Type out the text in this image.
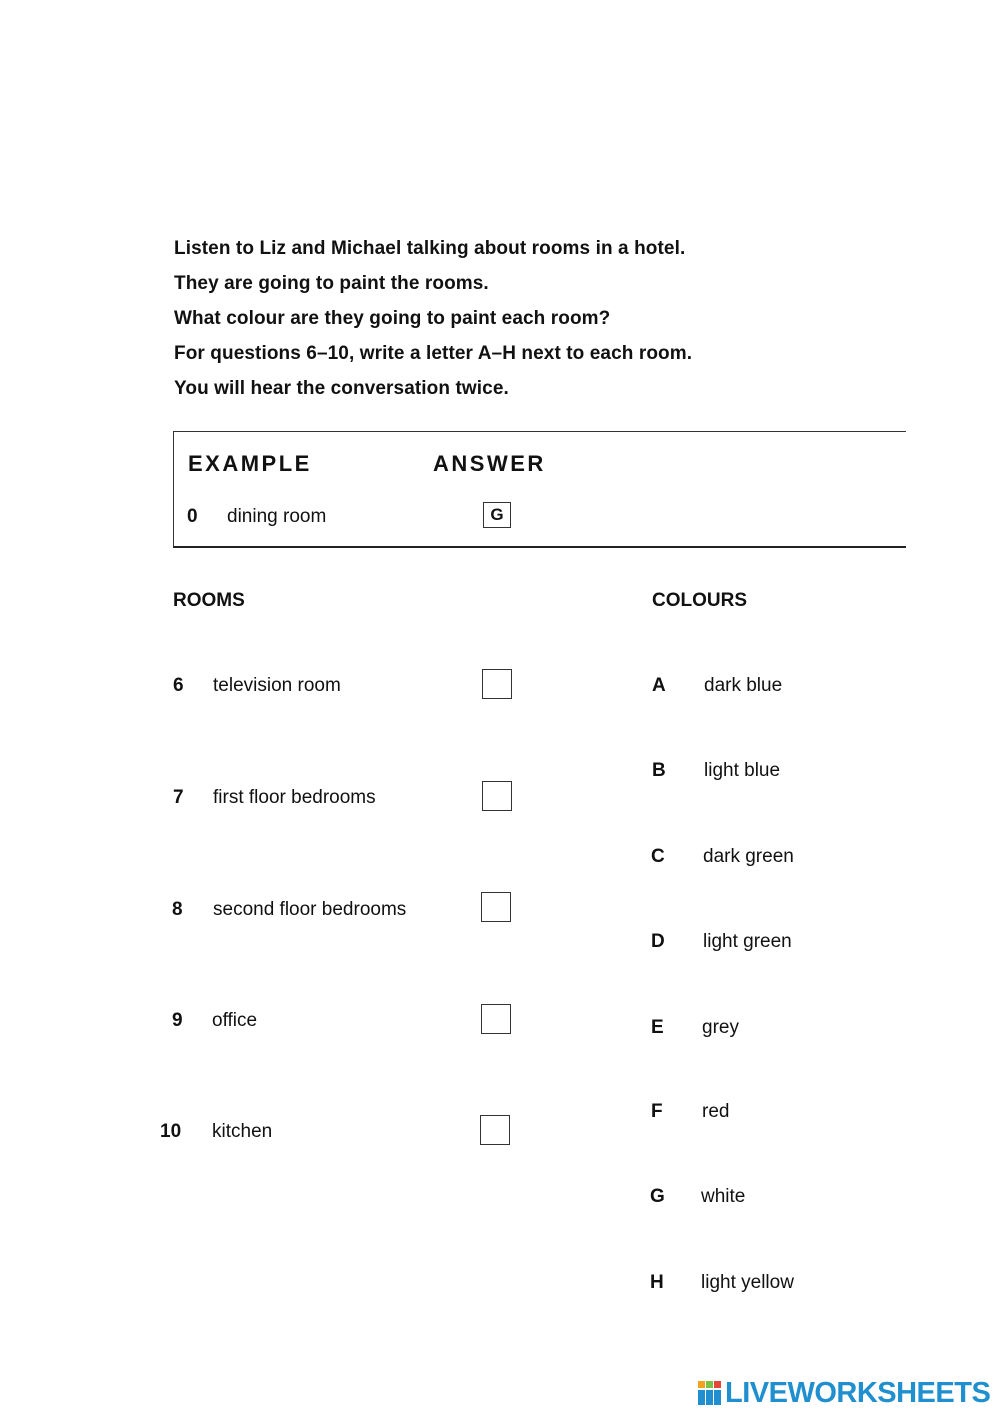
Listen to Liz and Michael talking about rooms in a hotel.
They are going to paint the rooms.
What colour are they going to paint each room?
For questions 6–10, write a letter A–H next to each room.
You will hear the conversation twice.
EXAMPLE	ANSWER
0 dining room	G
ROOMS	COLOURS
6 television room
7 first floor bedrooms
8 second floor bedrooms
9 office
10 kitchen
A dark blue
B light blue
C dark green
D light green
E grey
F red
G white
H light yellow
LIVEWORKSHEETS
